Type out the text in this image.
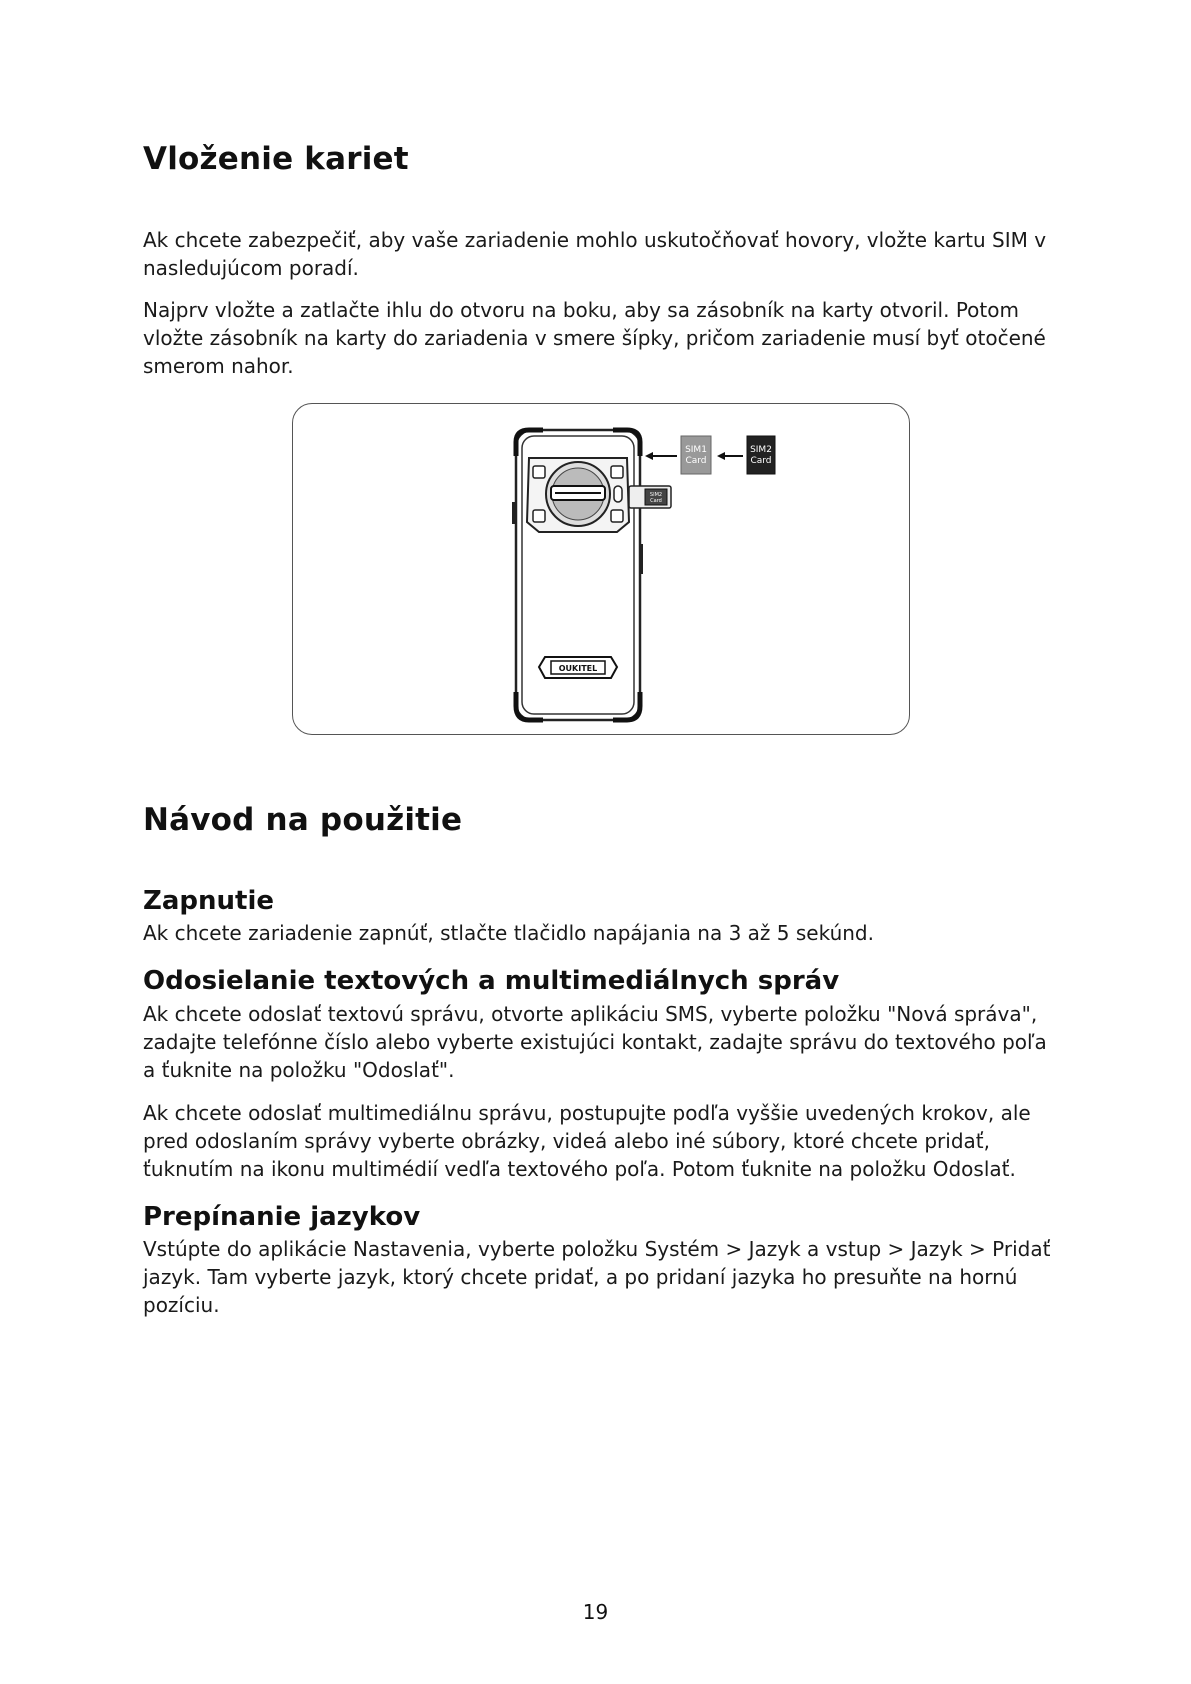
Vloženie kariet

Ak chcete zabezpečiť, aby vaše zariadenie mohlo uskutočňovať hovory, vložte kartu SIM v nasledujúcom poradí.

Najprv vložte a zatlačte ihlu do otvoru na boku, aby sa zásobník na karty otvoril. Potom vložte zásobník na karty do zariadenia v smere šípky, pričom zariadenie musí byť otočené smerom nahor.

Návod na použitie
Zapnutie

Ak chcete zariadenie zapnúť, stlačte tlačidlo napájania na 3 až 5 sekúnd.

Odosielanie textových a multimediálnych správ

Ak chcete odoslať textovú správu, otvorte aplikáciu SMS, vyberte položku "Nová správa", zadajte telefónne číslo alebo vyberte existujúci kontakt, zadajte správu do textového poľa a ťuknite na položku "Odoslať".

Ak chcete odoslať multimediálnu správu, postupujte podľa vyššie uvedených krokov, ale pred odoslaním správy vyberte obrázky, videá alebo iné súbory, ktoré chcete pridať, ťuknutím na ikonu multimédií vedľa textového poľa. Potom ťuknite na položku Odoslať.

Prepínanie jazykov

Vstúpte do aplikácie Nastavenia, vyberte položku Systém > Jazyk a vstup > Jazyk > Pridať jazyk. Tam vyberte jazyk, ktorý chcete pridať, a po pridaní jazyka ho presuňte na hornú pozíciu.

SIM2
Card
OUKITEL
SIM1
Card
SIM2
Card
19
